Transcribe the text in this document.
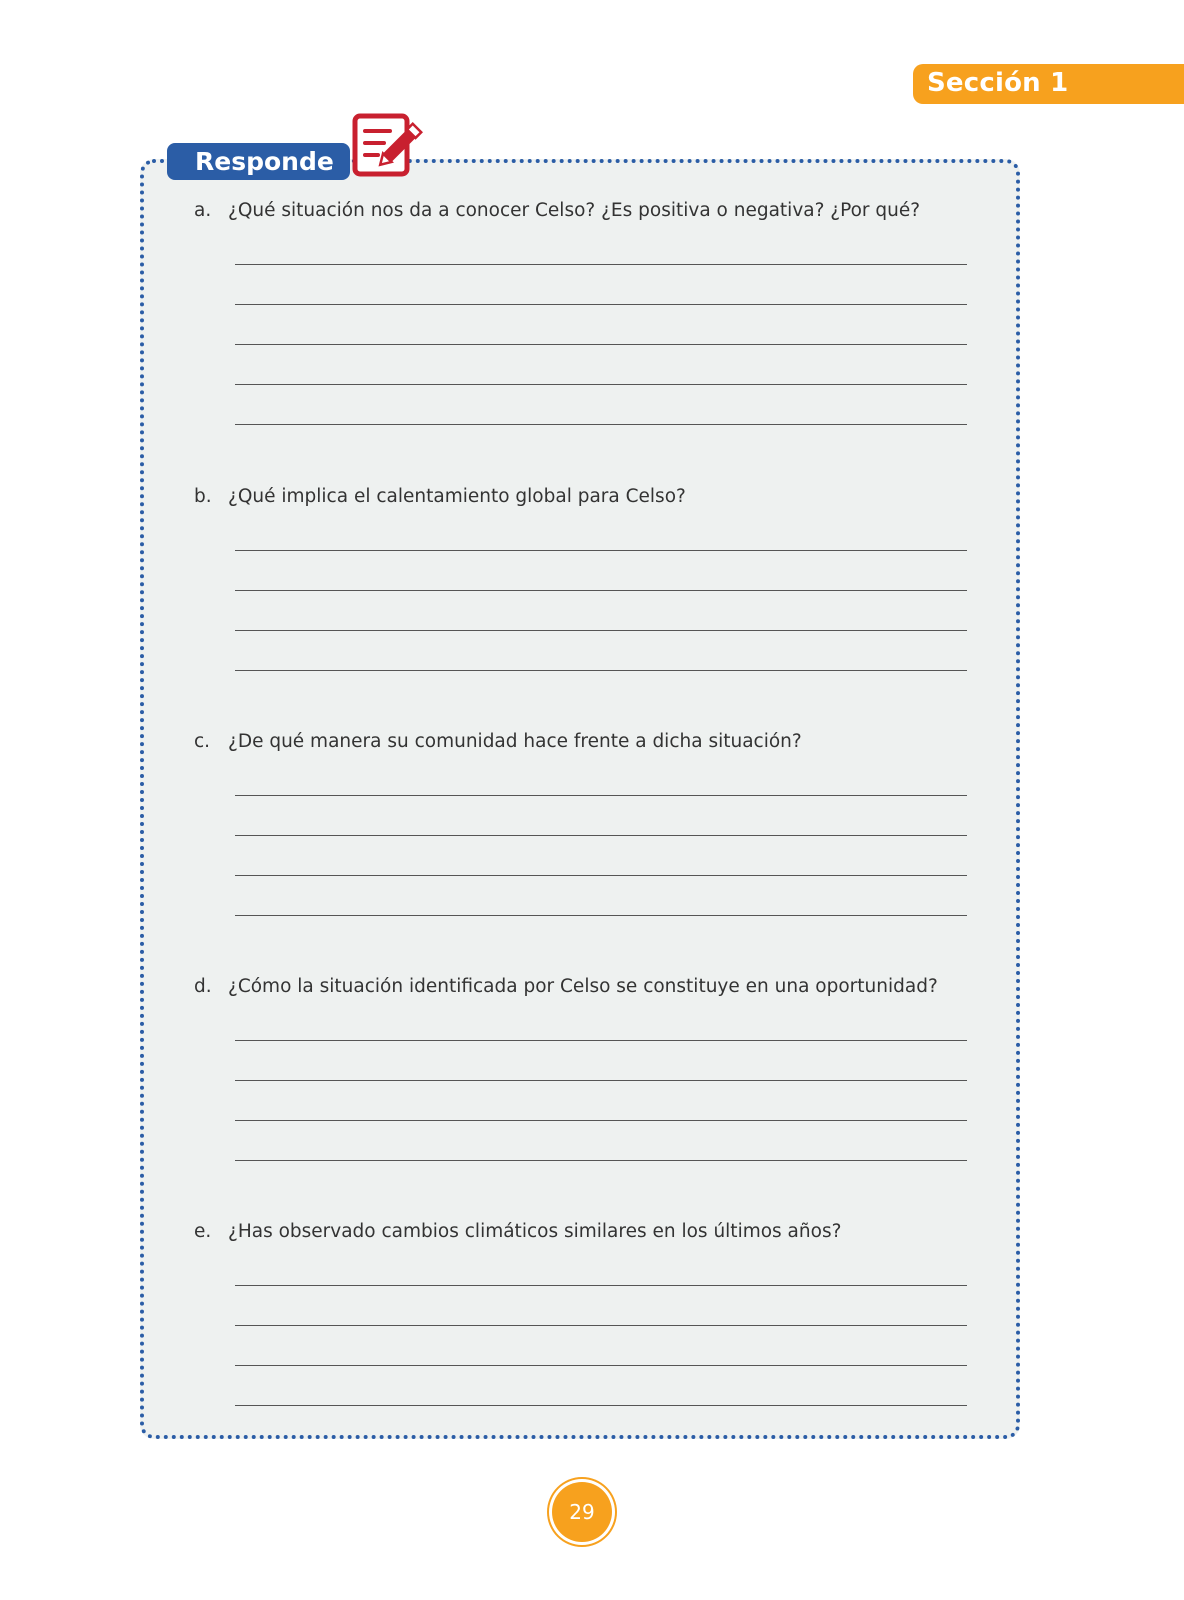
Sección 1
Responde
a. ¿Qué situación nos da a conocer Celso? ¿Es positiva o negativa? ¿Por qué?
b. ¿Qué implica el calentamiento global para Celso?
c. ¿De qué manera su comunidad hace frente a dicha situación?
d. ¿Cómo la situación identificada por Celso se constituye en una oportunidad?
e. ¿Has observado cambios climáticos similares en los últimos años?
29
